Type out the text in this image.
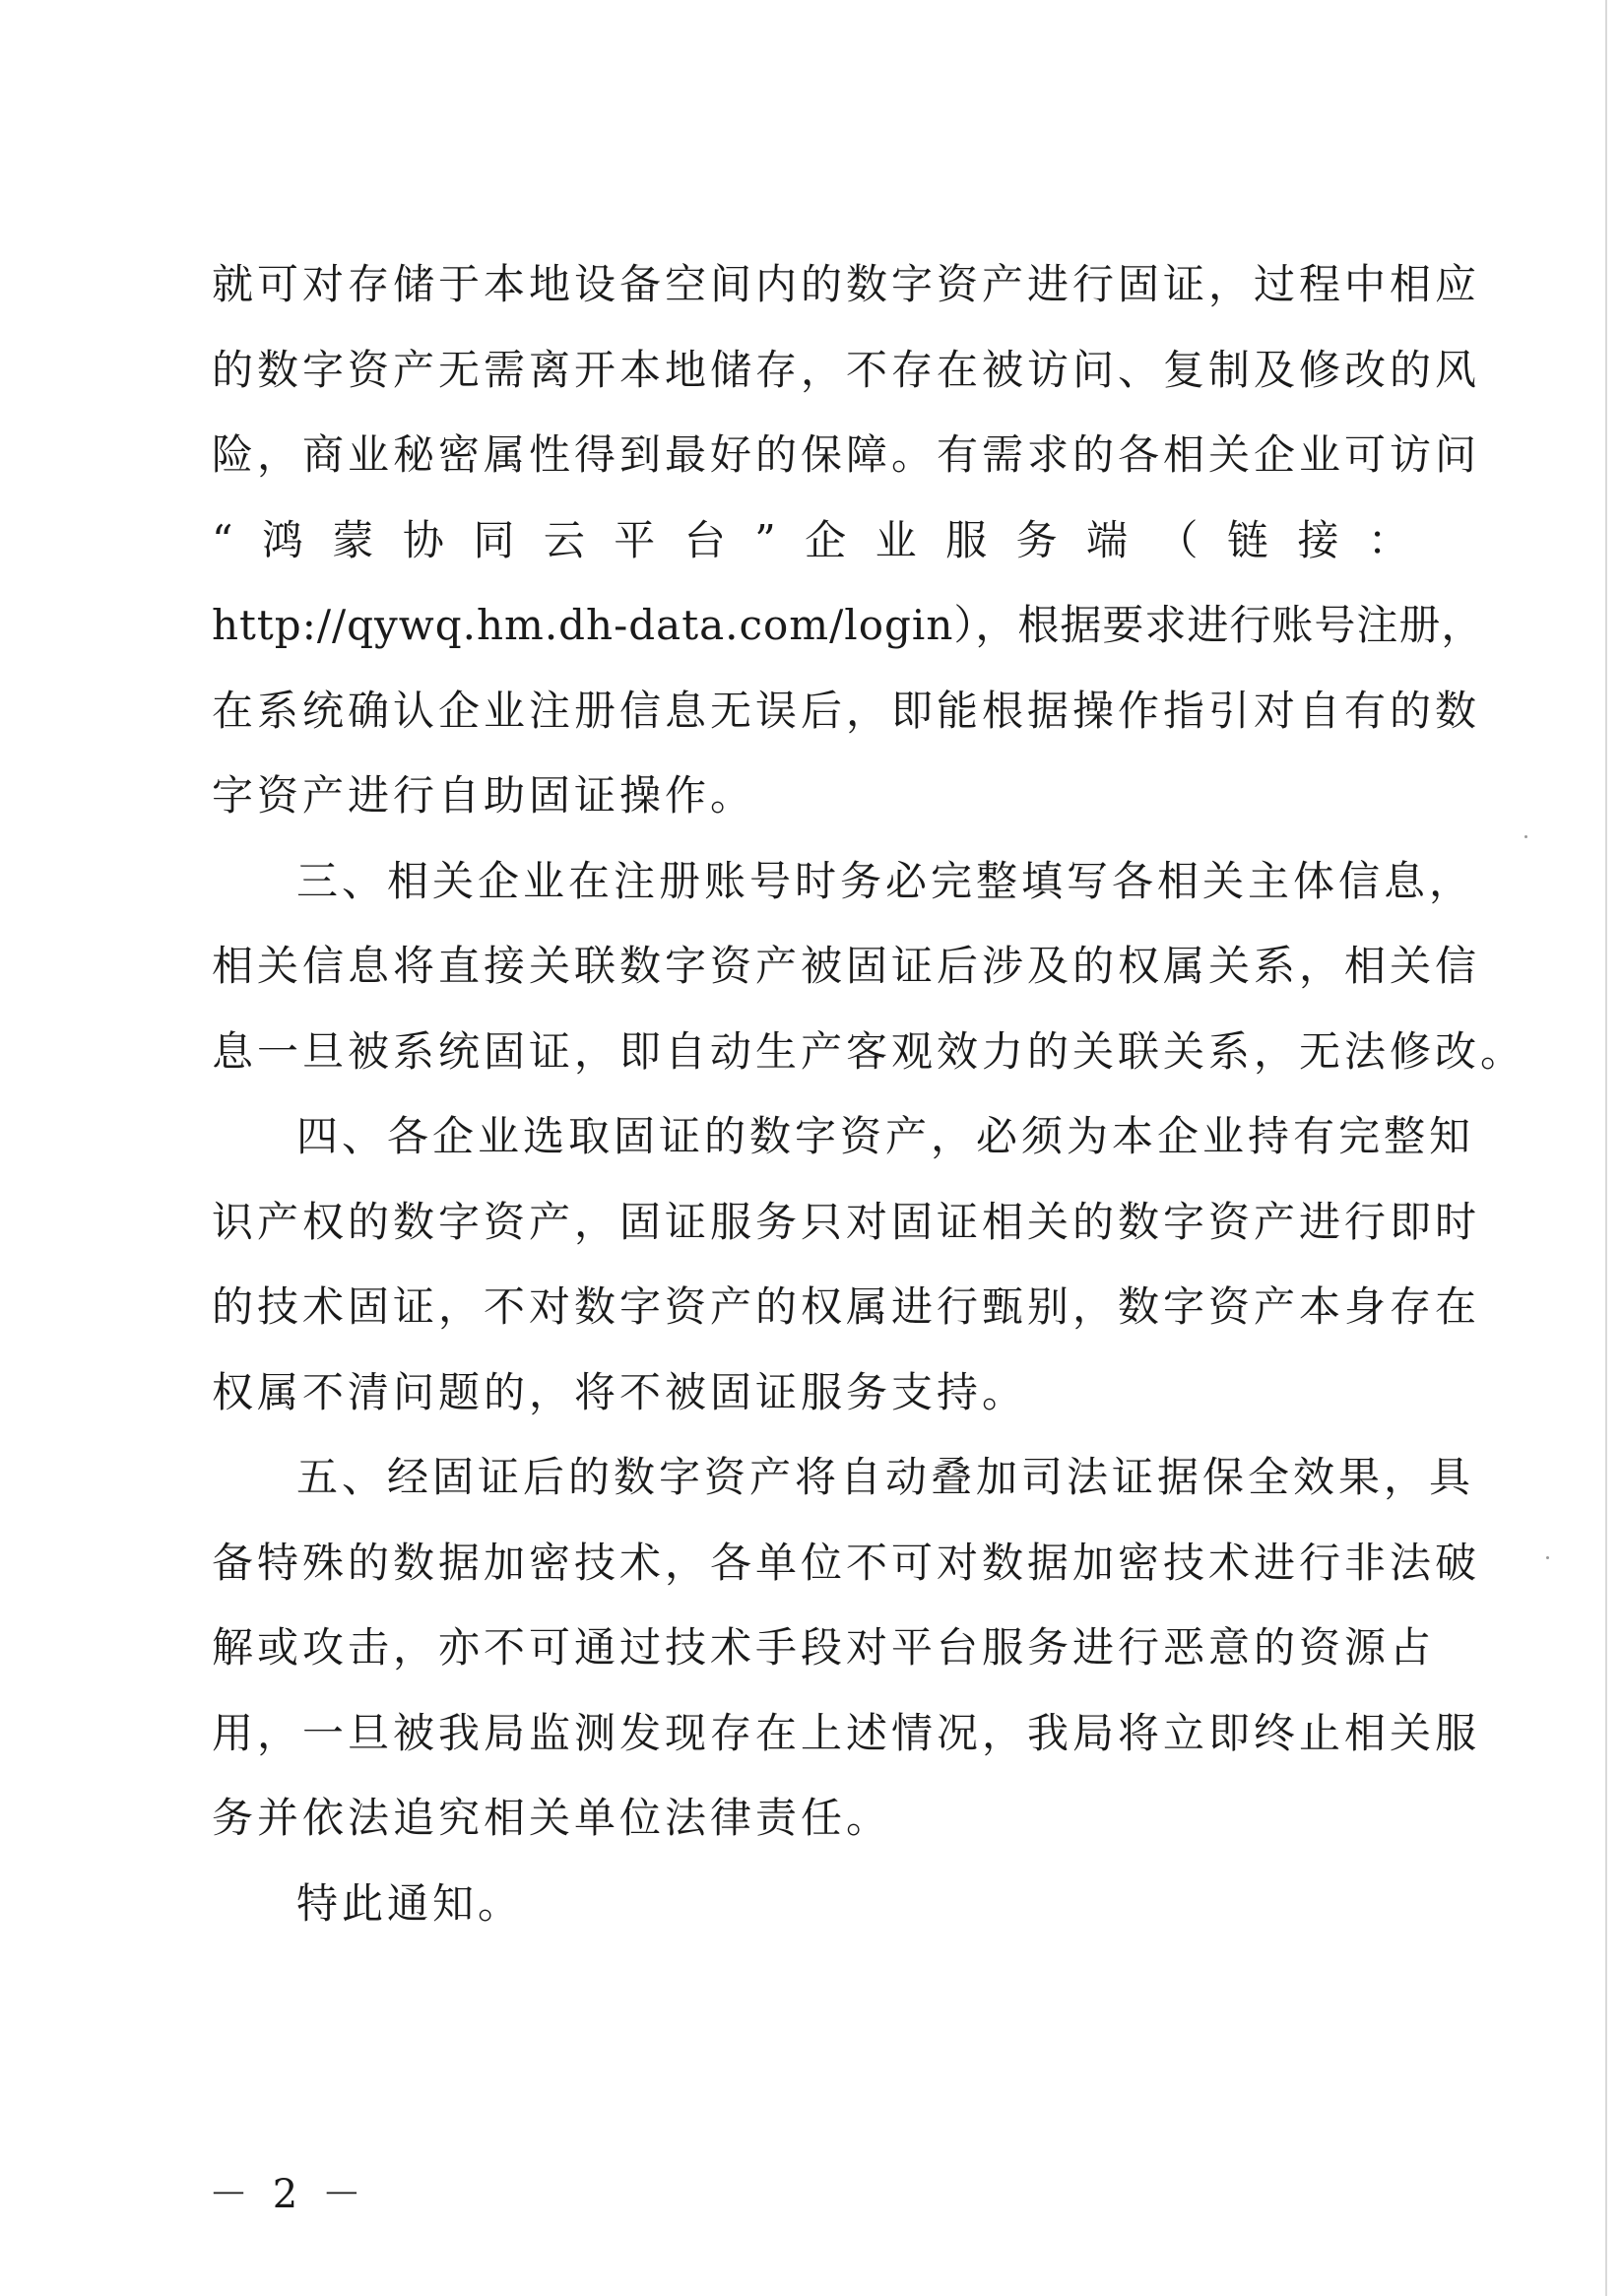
就可对存储于本地设备空间内的数字资产进行固证，过程中相应
的数字资产无需离开本地储存，不存在被访问、复制及修改的风
险，商业秘密属性得到最好的保障。有需求的各相关企业可访问
“ 鸿 蒙 协 同 云 平 台 ” 企 业 服 务 端 （ 链 接 ：
http://qywq.hm.dh-data.com/login），根据要求进行账号注册，
在系统确认企业注册信息无误后，即能根据操作指引对自有的数
字资产进行自助固证操作。
三、相关企业在注册账号时务必完整填写各相关主体信息，
相关信息将直接关联数字资产被固证后涉及的权属关系，相关信
息一旦被系统固证，即自动生产客观效力的关联关系，无法修改。
四、各企业选取固证的数字资产，必须为本企业持有完整知
识产权的数字资产，固证服务只对固证相关的数字资产进行即时
的技术固证，不对数字资产的权属进行甄别，数字资产本身存在
权属不清问题的，将不被固证服务支持。
五、经固证后的数字资产将自动叠加司法证据保全效果，具
备特殊的数据加密技术，各单位不可对数据加密技术进行非法破
解或攻击，亦不可通过技术手段对平台服务进行恶意的资源占
用，一旦被我局监测发现存在上述情况，我局将立即终止相关服
务并依法追究相关单位法律责任。
特此通知。
－ 2 －
